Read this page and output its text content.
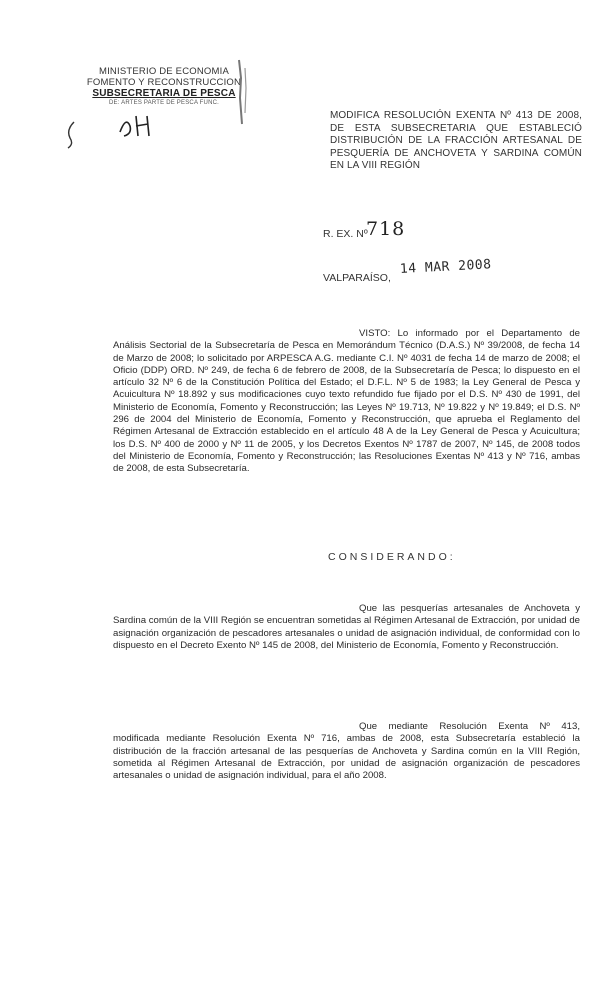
MINISTERIO DE ECONOMIA
FOMENTO Y RECONSTRUCCION
SUBSECRETARIA DE PESCA
DE: ARTES PARTE DE PESCA FUNC.
MODIFICA RESOLUCIÓN EXENTA Nº 413 DE 2008, DE ESTA SUBSECRETARIA QUE ESTABLECIÓ DISTRIBUCIÓN DE LA FRACCIÓN ARTESANAL DE PESQUERÍA DE ANCHOVETA Y SARDINA COMÚN EN LA VIII REGIÓN
R. EX. Nº
718
VALPARAÍSO,
14 MAR 2008
VISTO: Lo informado por el Departamento de Análisis Sectorial de la Subsecretaría de Pesca en Memorándum Técnico (D.A.S.) Nº 39/2008, de fecha 14 de Marzo de 2008; lo solicitado por ARPESCA A.G. mediante C.I. Nº 4031 de fecha 14 de marzo de 2008; el Oficio (DDP) ORD. Nº 249, de fecha 6 de febrero de 2008, de la Subsecretaría de Pesca; lo dispuesto en el artículo 32 Nº 6 de la Constitución Política del Estado; el D.F.L. Nº 5 de 1983; la Ley General de Pesca y Acuicultura Nº 18.892 y sus modificaciones cuyo texto refundido fue fijado por el D.S. Nº 430 de 1991, del Ministerio de Economía, Fomento y Reconstrucción; las Leyes Nº 19.713, Nº 19.822 y Nº 19.849; el D.S. Nº 296 de 2004 del Ministerio de Economía, Fomento y Reconstrucción, que aprueba el Reglamento del Régimen Artesanal de Extracción establecido en el artículo 48 A de la Ley General de Pesca y Acuicultura; los D.S. Nº 400 de 2000 y Nº 11 de 2005, y los Decretos Exentos Nº 1787 de 2007, Nº 145, de 2008 todos del Ministerio de Economía, Fomento y Reconstrucción; las Resoluciones Exentas Nº 413 y Nº 716, ambas de 2008, de esta Subsecretaría.
CONSIDERANDO:
Que las pesquerías artesanales de Anchoveta y Sardina común de la VIII Región se encuentran sometidas al Régimen Artesanal de Extracción, por unidad de asignación organización de pescadores artesanales o unidad de asignación individual, de conformidad con lo dispuesto en el Decreto Exento Nº 145 de 2008, del Ministerio de Economía, Fomento y Reconstrucción.
Que mediante Resolución Exenta Nº 413, modificada mediante Resolución Exenta Nº 716, ambas de 2008, esta Subsecretaría estableció la distribución de la fracción artesanal de las pesquerías de Anchoveta y Sardina común en la VIII Región, sometida al Régimen Artesanal de Extracción, por unidad de asignación organización de pescadores artesanales o unidad de asignación individual, para el año 2008.
